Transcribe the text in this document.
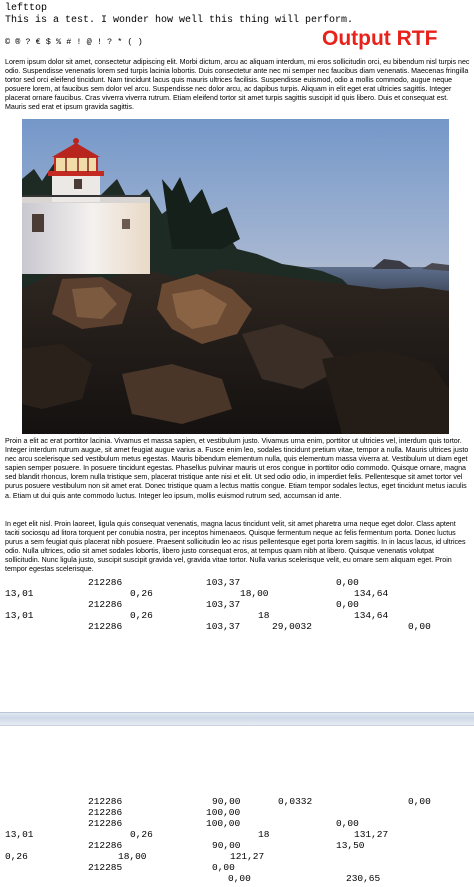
lefttop
This is a test. I wonder how well this thing will perform.
© ® ? € $ % # ! @ ! ? * ( )	Output RTF
Lorem ipsum dolor sit amet, consectetur adipiscing elit. Morbi dictum, arcu ac aliquam interdum, mi eros sollicitudin orci, eu bibendum nisl turpis nec odio. Suspendisse venenatis lorem sed turpis lacinia lobortis. Duis consectetur ante nec mi semper nec faucibus diam venenatis. Maecenas fringilla tortor sed orci eleifend tincidunt. Nam tincidunt lacus quis mauris ultrices facilisis. Suspendisse euismod, odio a mollis commodo, augue neque posuere lorem, at faucibus sem dolor vel arcu. Suspendisse nec dolor arcu, ac dapibus turpis. Aliquam in elit eget erat ultricies sagittis. Integer placerat ornare faucibus. Cras viverra viverra rutrum. Etiam eleifend tortor sit amet turpis sagittis suscipit id quis libero. Duis et consequat est. Mauris sed erat et ipsum gravida sagittis.
Proin a elit ac erat porttitor lacinia. Vivamus et massa sapien, et vestibulum justo. Vivamus urna enim, porttitor ut ultricies vel, interdum quis tortor. Integer interdum rutrum augue, sit amet feugiat augue varius a. Fusce enim leo, sodales tincidunt pretium vitae, tempor a nulla. Mauris ultrices justo nec arcu scelerisque sed vestibulum metus egestas. Mauris bibendum elementum nulla, quis elementum massa viverra at. Vestibulum ut diam eget sapien semper posuere. In posuere tincidunt egestas. Phasellus pulvinar mauris ut eros congue in porttitor odio commodo. Quisque ornare, magna sed blandit rhoncus, lorem nulla tristique sem, placerat tristique ante nisi et elit. Ut sed odio odio, in imperdiet felis. Pellentesque sit amet tortor vel purus posuere vestibulum non sit amet erat. Donec tristique quam a lectus mattis congue. Etiam tempor sodales lectus, eget tincidunt metus iaculis a. Etiam ut dui quis ante commodo luctus. Integer leo ipsum, mollis euismod rutrum sed, accumsan id ante.
In eget elit nisl. Proin laoreet, ligula quis consequat venenatis, magna lacus tincidunt velit, sit amet pharetra urna neque eget dolor. Class aptent taciti sociosqu ad litora torquent per conubia nostra, per inceptos himenaeos. Quisque fermentum neque ac felis fermentum porta. Donec luctus purus a sem feugiat quis placerat nibh posuere. Praesent sollicitudin leo ac risus pellentesque eget porta lorem sagittis. In in lacus lacus, id ultrices odio. Nulla ultrices, odio sit amet sodales lobortis, libero justo consequat eros, at tempus quam nibh at libero. Quisque venenatis volutpat sollicitudin. Nunc ligula justo, suscipit suscipit gravida vel, gravida vitae tortor. Nulla varius scelerisque velit, eu ornare sem aliquam eget. Proin tempor egestas scelerisque.
212286	103,37	0,00
13,01	0,26	18,00	134,64
212286	103,37	0,00
13,01	0,26	18	134,64
212286	103,37	29,0032	0,00
212286	90,00	0,0332	0,00
212286	100,00
212286	100,00	0,00
13,01	0,26	18	131,27
212286	90,00	13,50
0,26	18,00	121,27
212285	0,00
0,00	230,65
